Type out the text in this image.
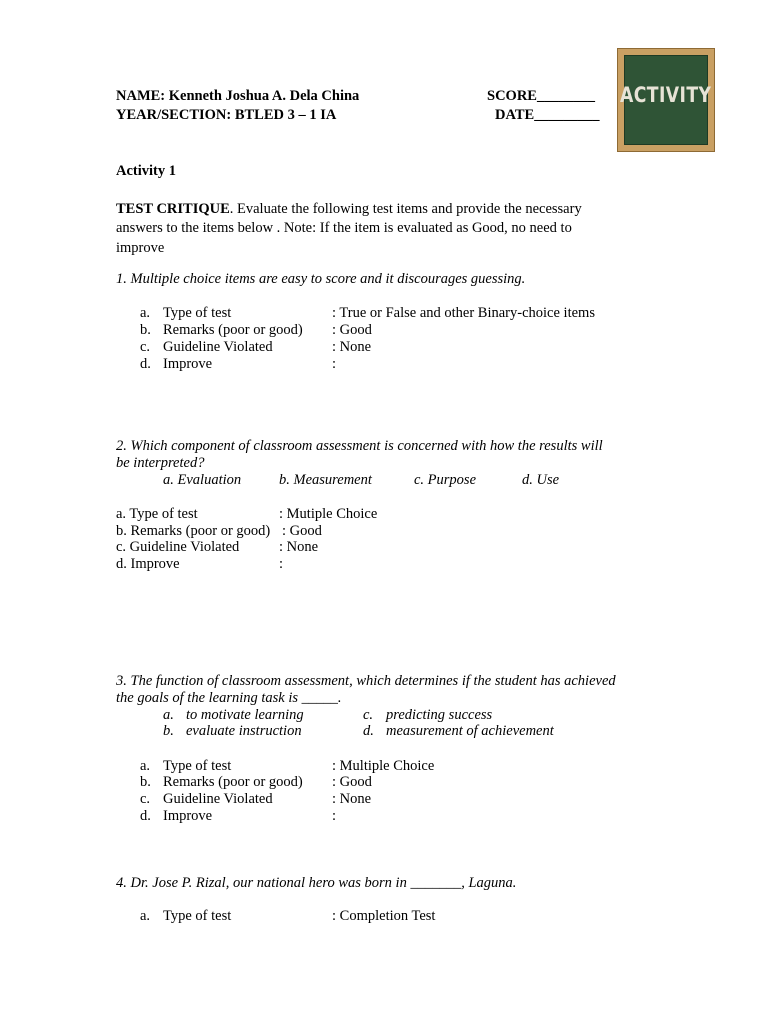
NAME: Kenneth Joshua A. Dela China
YEAR/SECTION: BTLED 3 – 1 IA
SCORE________
DATE_________
ACTIVITY
Activity 1
TEST CRITIQUE. Evaluate the following test items and provide the necessary
answers to the items below . Note: If the item is evaluated as Good, no need to
improve
1. Multiple choice items are easy to score and it discourages guessing.
a. Type of test	: True or False and other Binary-choice items
b. Remarks (poor or good) : Good
c. Guideline Violated	: None
d. Improve	:
2. Which component of classroom assessment is concerned with how the results will
be interpreted?
a. Evaluation	b. Measurement	c. Purpose	d. Use
a. Type of test	: Mutiple Choice
b. Remarks (poor or good) : Good
c. Guideline Violated	: None
d. Improve	:
3. The function of classroom assessment, which determines if the student has achieved
the goals of the learning task is _____.
a. to motivate learning	c. predicting success
b. evaluate instruction	d. measurement of achievement
a. Type of test	: Multiple Choice
b. Remarks (poor or good) : Good
c. Guideline Violated	: None
d. Improve	:
4. Dr. Jose P. Rizal, our national hero was born in _______, Laguna.
a. Type of test	: Completion Test
